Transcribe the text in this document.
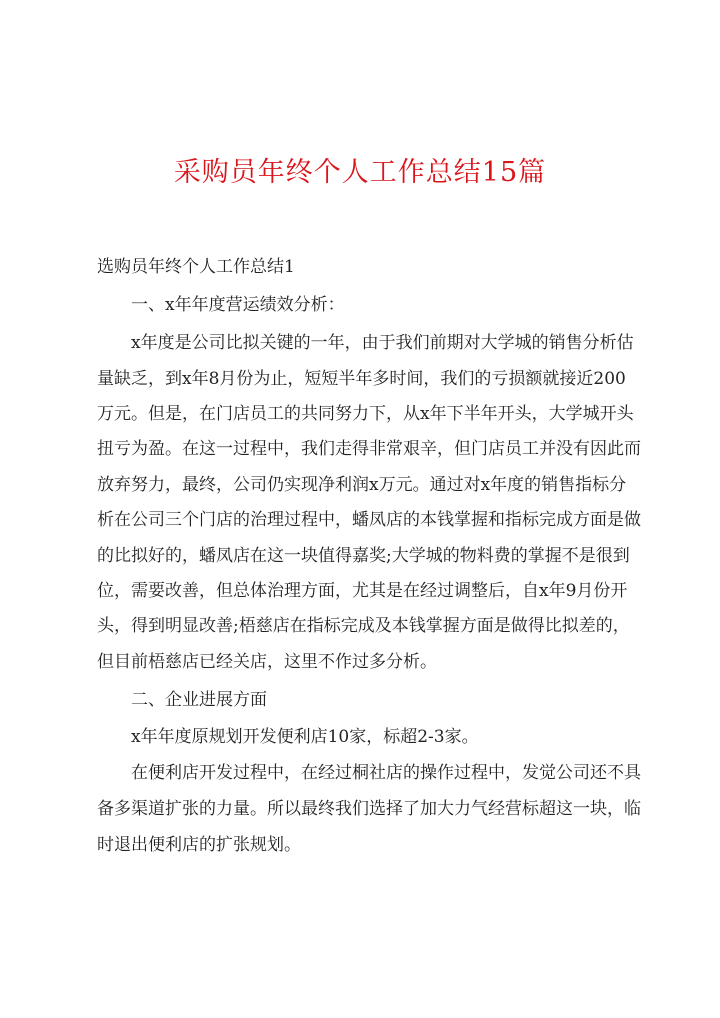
采购员年终个人工作总结15篇
选购员年终个人工作总结1
一、x年年度营运绩效分析：
x年度是公司比拟关键的一年，由于我们前期对大学城的销售分析估
量缺乏，到x年8月份为止，短短半年多时间，我们的亏损额就接近200
万元。但是，在门店员工的共同努力下，从x年下半年开头，大学城开头
扭亏为盈。在这一过程中，我们走得非常艰辛，但门店员工并没有因此而
放弃努力，最终，公司仍实现净利润x万元。通过对x年度的销售指标分
析在公司三个门店的治理过程中，蟠凤店的本钱掌握和指标完成方面是做
的比拟好的，蟠凤店在这一块值得嘉奖;大学城的物料费的掌握不是很到
位，需要改善，但总体治理方面，尤其是在经过调整后，自x年9月份开
头，得到明显改善;梧慈店在指标完成及本钱掌握方面是做得比拟差的，
但目前梧慈店已经关店，这里不作过多分析。
二、企业进展方面
x年年度原规划开发便利店10家，标超2-3家。
在便利店开发过程中，在经过桐社店的操作过程中，发觉公司还不具
备多渠道扩张的力量。所以最终我们选择了加大力气经营标超这一块，临
时退出便利店的扩张规划。
